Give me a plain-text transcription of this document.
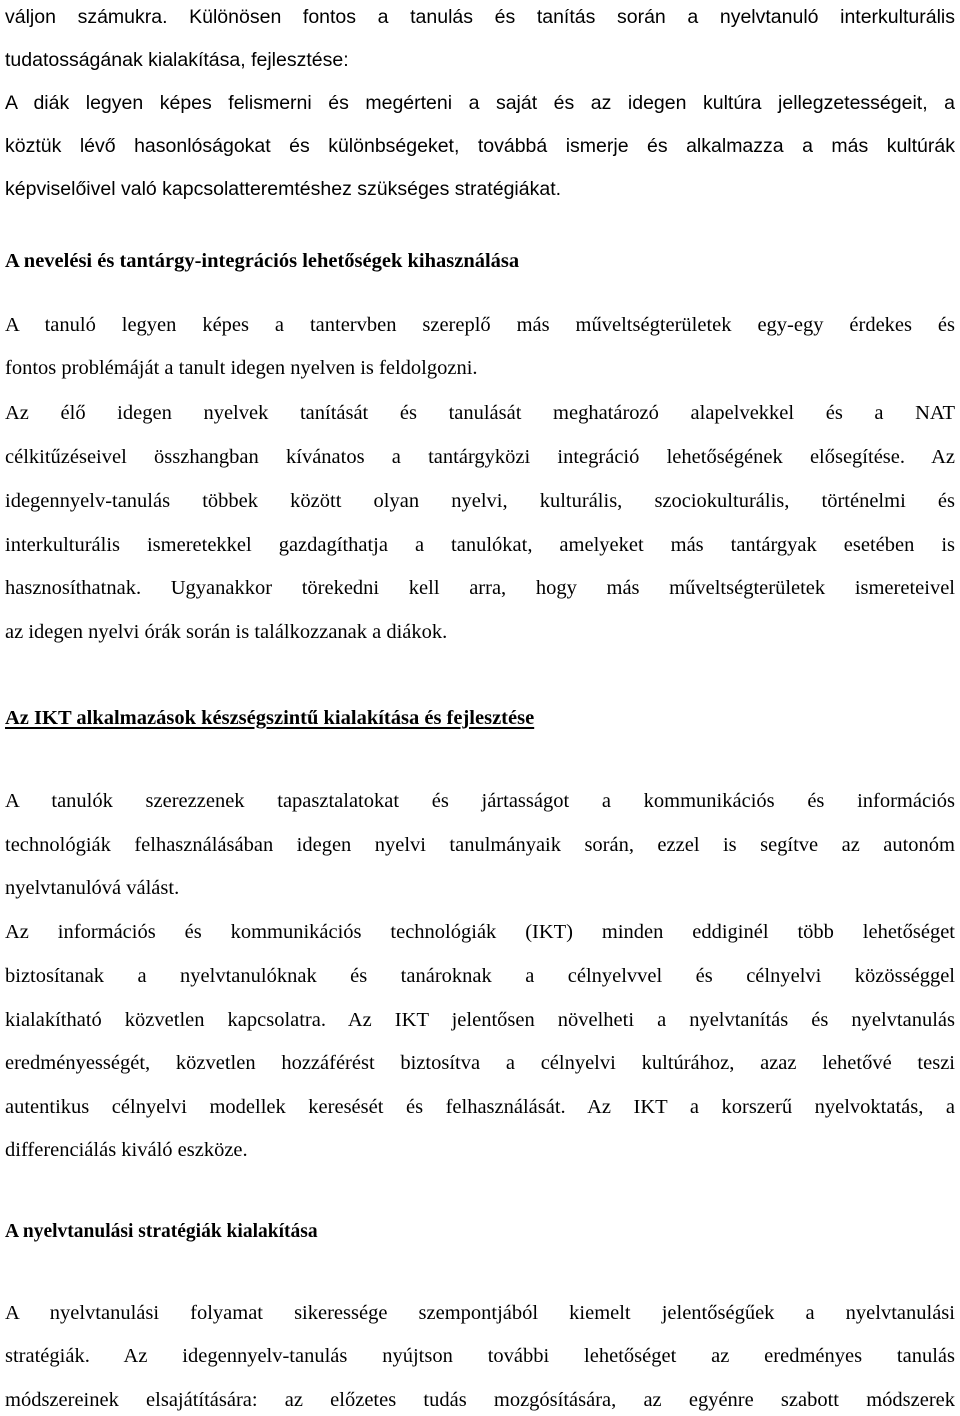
váljon számukra. Különösen fontos a tanulás és tanítás során a nyelvtanuló interkulturális
tudatosságának kialakítása, fejlesztése:
A diák legyen képes felismerni és megérteni a saját és az idegen kultúra jellegzetességeit, a
köztük lévő hasonlóságokat és különbségeket, továbbá ismerje és alkalmazza a más kultúrák
képviselőivel való kapcsolatteremtéshez szükséges stratégiákat.
A nevelési és tantárgy-integrációs lehetőségek kihasználása
A tanuló legyen képes a tantervben szereplő más műveltségterületek egy-egy érdekes és
fontos problémáját a tanult idegen nyelven is feldolgozni.
Az élő idegen nyelvek tanítását és tanulását meghatározó alapelvekkel és a NAT
célkitűzéseivel összhangban kívánatos a tantárgyközi integráció lehetőségének elősegítése. Az
idegennyelv-tanulás többek között olyan nyelvi, kulturális, szociokulturális, történelmi és
interkulturális ismeretekkel gazdagíthatja a tanulókat, amelyeket más tantárgyak esetében is
hasznosíthatnak. Ugyanakkor törekedni kell arra, hogy más műveltségterületek ismereteivel
az idegen nyelvi órák során is találkozzanak a diákok.
Az IKT alkalmazások készségszintű kialakítása és fejlesztése
A tanulók szerezzenek tapasztalatokat és jártasságot a kommunikációs és információs
technológiák felhasználásában idegen nyelvi tanulmányaik során, ezzel is segítve az autonóm
nyelvtanulóvá válást.
Az információs és kommunikációs technológiák (IKT) minden eddiginél több lehetőséget
biztosítanak a nyelvtanulóknak és tanároknak a célnyelvvel és célnyelvi közösséggel
kialakítható közvetlen kapcsolatra. Az IKT jelentősen növelheti a nyelvtanítás és nyelvtanulás
eredményességét, közvetlen hozzáférést biztosítva a célnyelvi kultúrához, azaz lehetővé teszi
autentikus célnyelvi modellek keresését és felhasználását. Az IKT a korszerű nyelvoktatás, a
differenciálás kiváló eszköze.
A nyelvtanulási stratégiák kialakítása
A nyelvtanulási folyamat sikeressége szempontjából kiemelt jelentőségűek a nyelvtanulási
stratégiák. Az idegennyelv-tanulás nyújtson további lehetőséget az eredményes tanulás
módszereinek elsajátítására: az előzetes tudás mozgósítására, az egyénre szabott módszerek
